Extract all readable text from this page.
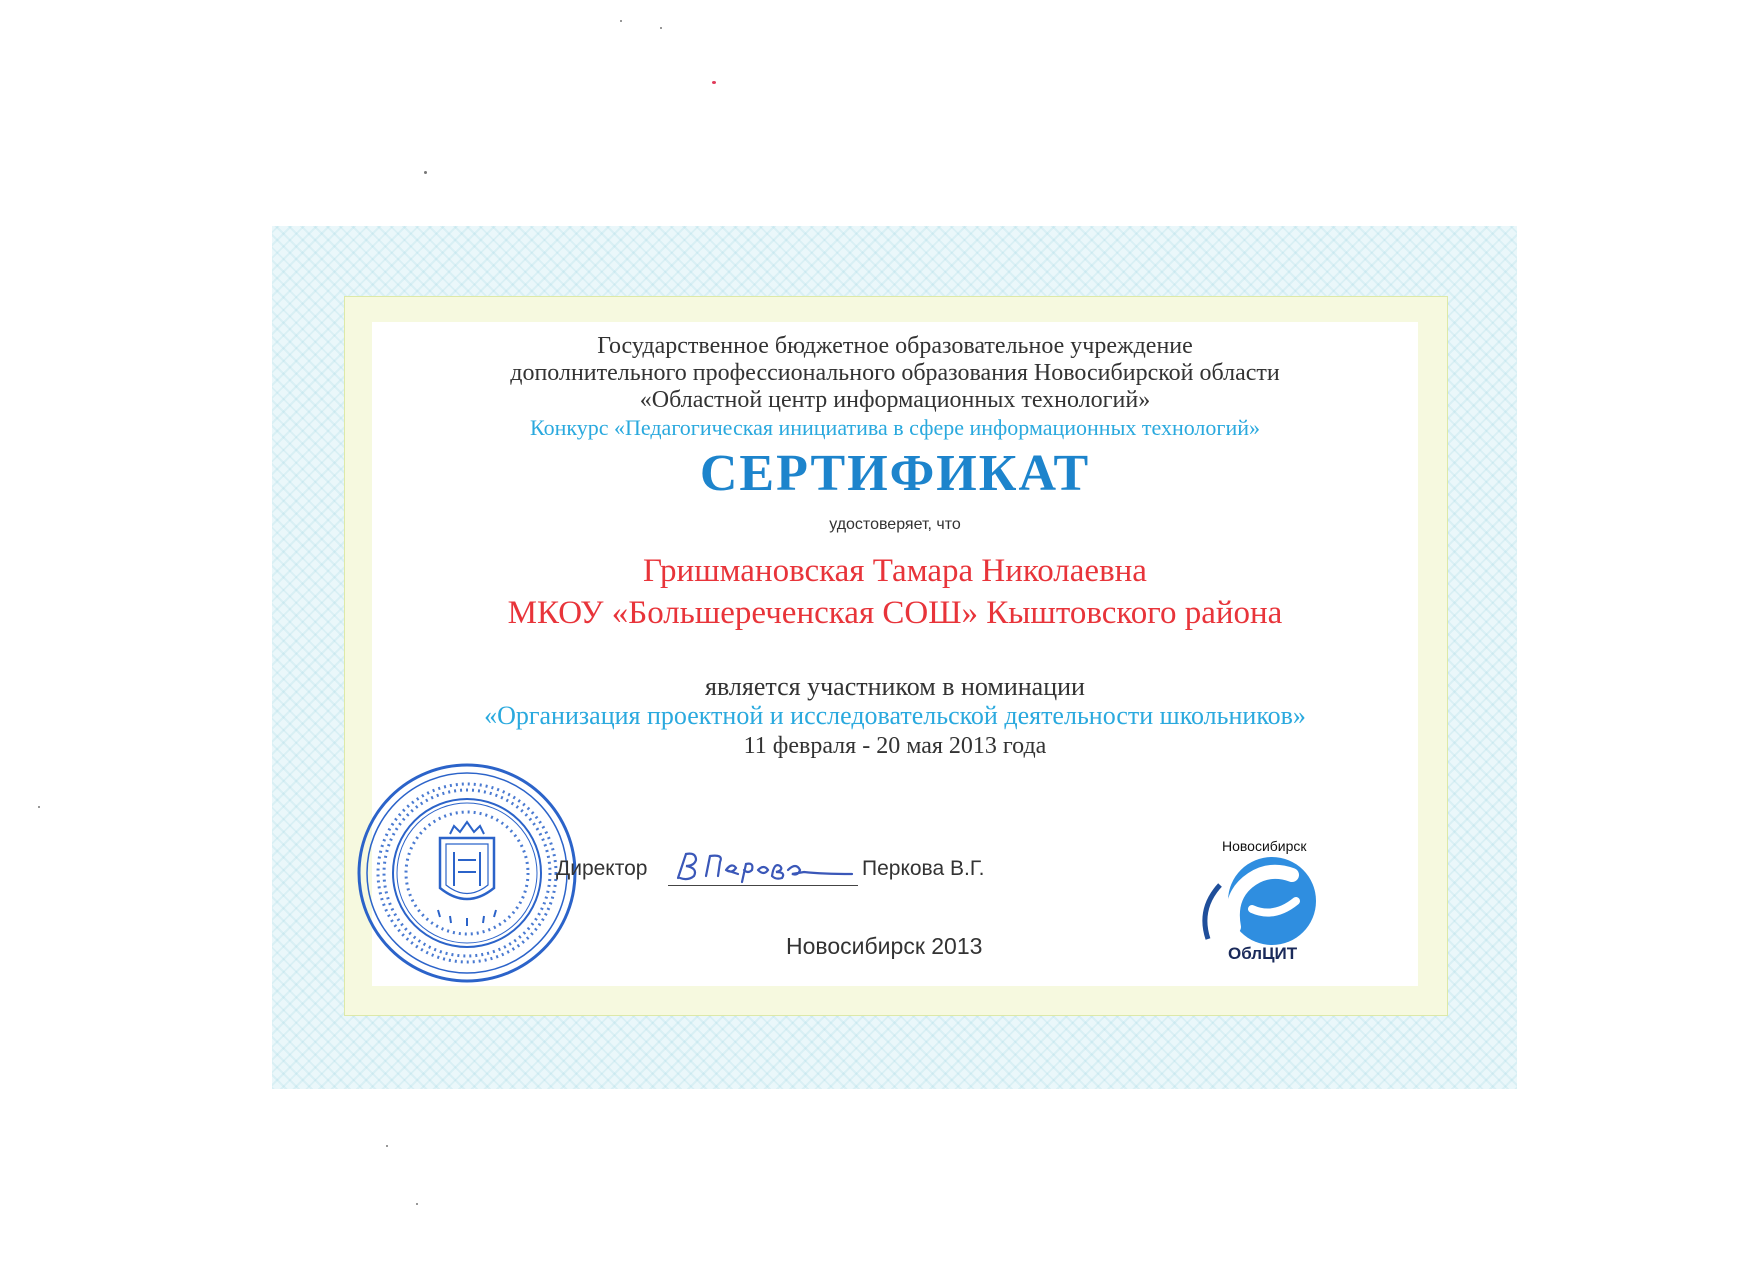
Государственное бюджетное образовательное учреждение
дополнительного профессионального образования Новосибирской области
«Областной центр информационных технологий»
Конкурс «Педагогическая инициатива в сфере информационных технологий»
СЕРТИФИКАТ
удостоверяет, что
Гришмановская Тамара Николаевна
МКОУ «Большереченская СОШ» Кыштовского района
является участником в номинации
«Организация проектной и исследовательской деятельности школьников»
11 февраля - 20 мая 2013 года
Директор	Перкова В.Г.
Новосибирск 2013
Новосибирск
ОблЦИТ
